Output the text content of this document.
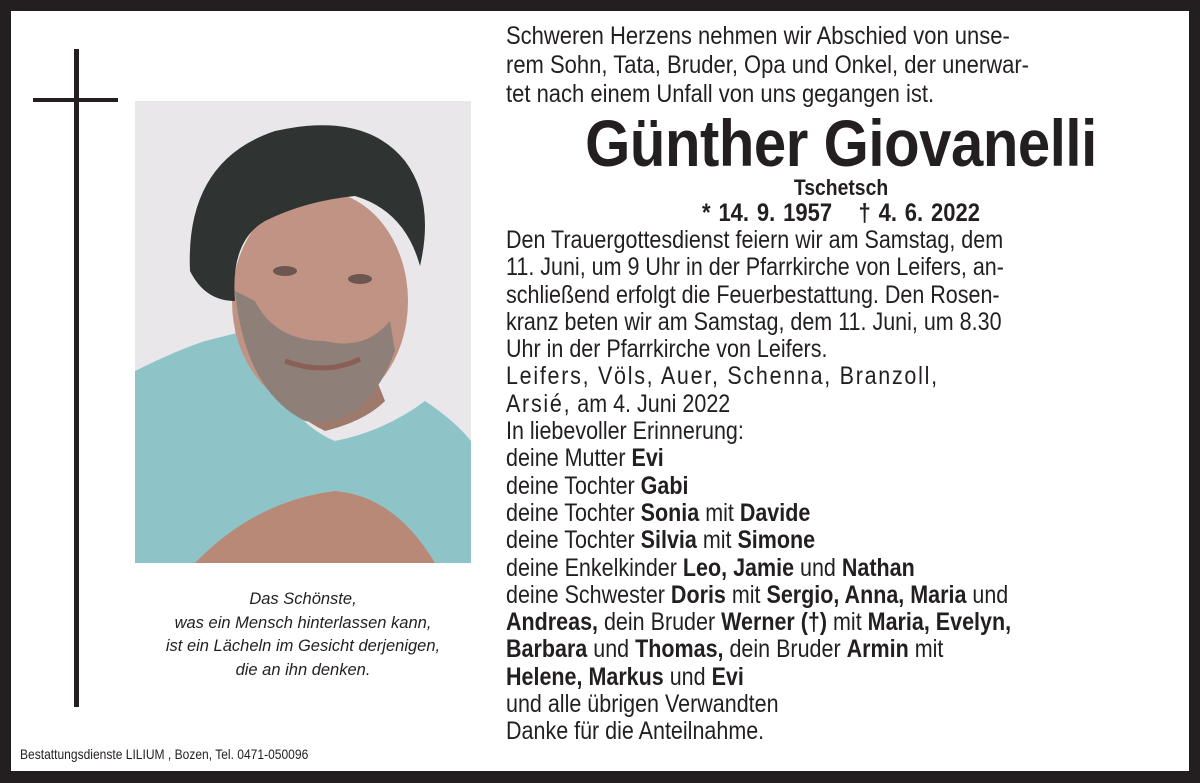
Das Schönste,
was ein Mensch hinterlassen kann,
ist ein Lächeln im Gesicht derjenigen,
die an ihn denken.
Bestattungsdienste LILIUM , Bozen, Tel. 0471-050096
Schweren Herzens nehmen wir Abschied von unse-
rem Sohn, Tata, Bruder, Opa und Onkel, der unerwar-
tet nach einem Unfall von uns gegangen ist.
Günther Giovanelli
Tschetsch
* 14. 9. 1957 † 4. 6. 2022
Den Trauergottesdienst feiern wir am Samstag, dem
11. Juni, um 9 Uhr in der Pfarrkirche von Leifers, an-
schließend erfolgt die Feuerbestattung. Den Rosen-
kranz beten wir am Samstag, dem 11. Juni, um 8.30
Uhr in der Pfarrkirche von Leifers.
Leifers, Völs, Auer, Schenna, Branzoll,
Arsié, am 4. Juni 2022
In liebevoller Erinnerung:
deine Mutter Evi
deine Tochter Gabi
deine Tochter Sonia mit Davide
deine Tochter Silvia mit Simone
deine Enkelkinder Leo, Jamie und Nathan
deine Schwester Doris mit Sergio, Anna, Maria und
Andreas, dein Bruder Werner (†) mit Maria, Evelyn,
Barbara und Thomas, dein Bruder Armin mit
Helene, Markus und Evi
und alle übrigen Verwandten
Danke für die Anteilnahme.
